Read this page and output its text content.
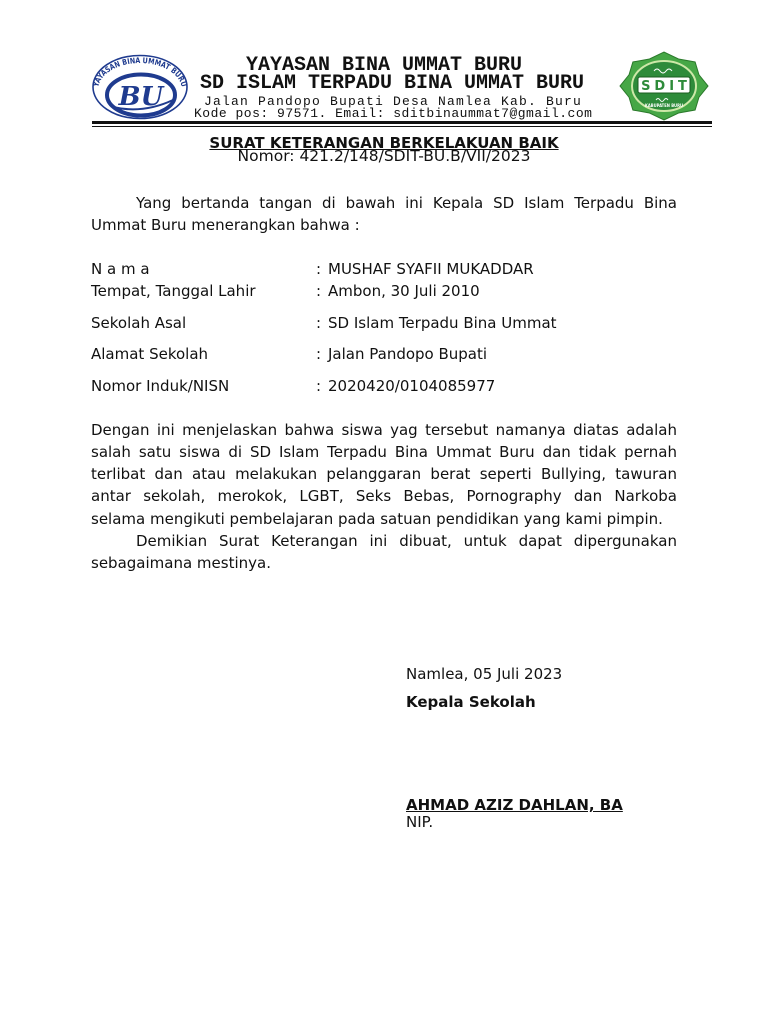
YAYASAN BINA UMMAT BURU
BU
YAYASAN BINA UMMAT BURU
SD ISLAM TERPADU BINA UMMAT BURU
Jalan Pandopo Bupati Desa Namlea Kab. Buru
Kode pos: 97571. Email: sditbinaummat7@gmail.com
SDIT
KABUPATEN BURU
SURAT KETERANGAN BERKELAKUAN BAIK
Nomor: 421.2/148/SDIT-BU.B/VII/2023
Yang bertanda tangan di bawah ini Kepala SD Islam Terpadu Bina
Ummat Buru menerangkan bahwa :
N a m a	: MUSHAF SYAFII MUKADDAR
Tempat, Tanggal Lahir	: Ambon, 30 Juli 2010
Sekolah Asal	: SD Islam Terpadu Bina Ummat
Alamat Sekolah	: Jalan Pandopo Bupati
Nomor Induk/NISN	: 2020420/0104085977
Dengan ini menjelaskan bahwa siswa yag tersebut namanya diatas adalah
salah satu siswa di SD Islam Terpadu Bina Ummat Buru dan tidak pernah
terlibat dan atau melakukan pelanggaran berat seperti Bullying, tawuran
antar sekolah, merokok, LGBT, Seks Bebas, Pornography dan Narkoba
selama mengikuti pembelajaran pada satuan pendidikan yang kami pimpin.
Demikian Surat Keterangan ini dibuat, untuk dapat dipergunakan
sebagaimana mestinya.
Namlea, 05 Juli 2023
Kepala Sekolah
AHMAD AZIZ DAHLAN, BA
NIP.
